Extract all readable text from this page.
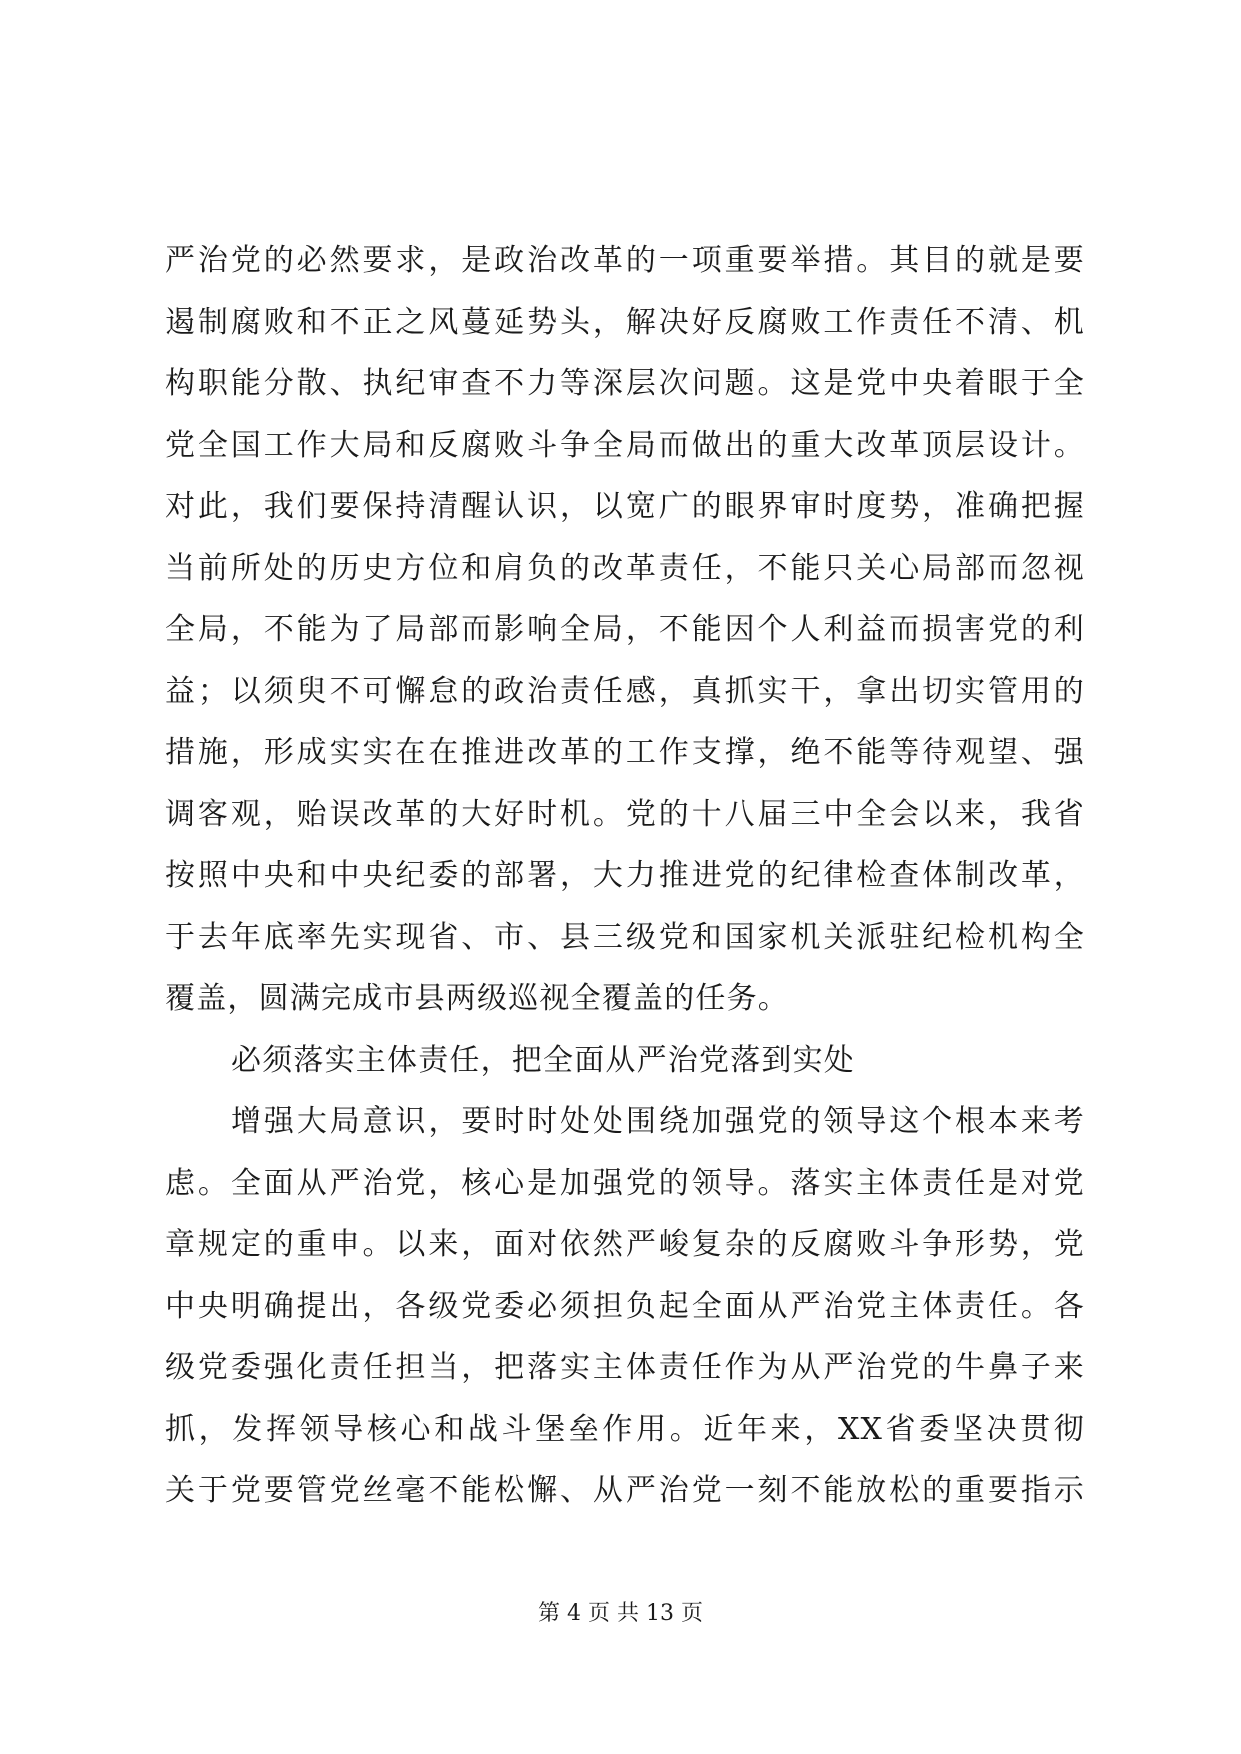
严治党的必然要求，是政治改革的一项重要举措。其目的就是要
遏制腐败和不正之风蔓延势头，解决好反腐败工作责任不清、机
构职能分散、执纪审查不力等深层次问题。这是党中央着眼于全
党全国工作大局和反腐败斗争全局而做出的重大改革顶层设计。
对此，我们要保持清醒认识，以宽广的眼界审时度势，准确把握
当前所处的历史方位和肩负的改革责任，不能只关心局部而忽视
全局，不能为了局部而影响全局，不能因个人利益而损害党的利
益；以须臾不可懈怠的政治责任感，真抓实干，拿出切实管用的
措施，形成实实在在推进改革的工作支撑，绝不能等待观望、强
调客观，贻误改革的大好时机。党的十八届三中全会以来，我省
按照中央和中央纪委的部署，大力推进党的纪律检查体制改革，
于去年底率先实现省、市、县三级党和国家机关派驻纪检机构全
覆盖，圆满完成市县两级巡视全覆盖的任务。
必须落实主体责任，把全面从严治党落到实处
增强大局意识，要时时处处围绕加强党的领导这个根本来考
虑。全面从严治党，核心是加强党的领导。落实主体责任是对党
章规定的重申。以来，面对依然严峻复杂的反腐败斗争形势，党
中央明确提出，各级党委必须担负起全面从严治党主体责任。各
级党委强化责任担当，把落实主体责任作为从严治党的牛鼻子来
抓，发挥领导核心和战斗堡垒作用。近年来，XX省委坚决贯彻
关于党要管党丝毫不能松懈、从严治党一刻不能放松的重要指示
第 4 页 共 13 页
